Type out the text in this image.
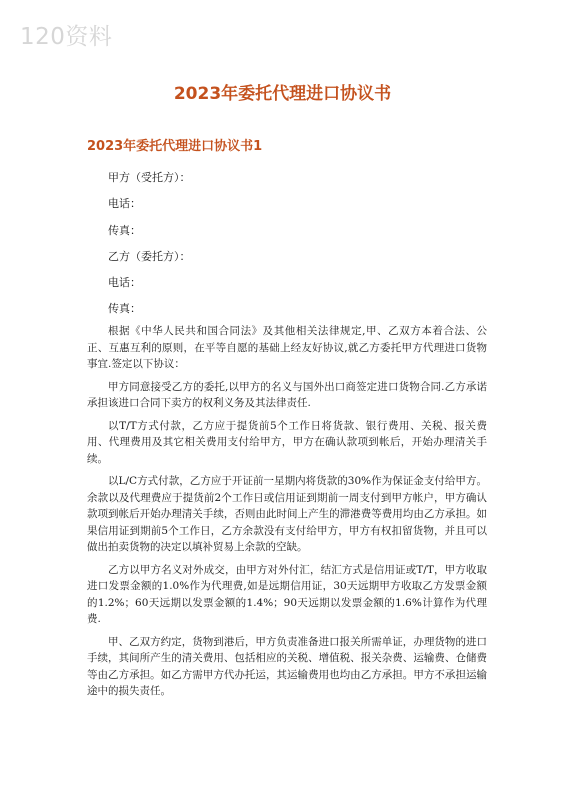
120资料
2023年委托代理进口协议书
2023年委托代理进口协议书1

甲方（受托方）：

电话：

传真：

乙方（委托方）：

电话：

传真：

根据《中华人民共和国合同法》及其他相关法律规定,甲、乙双方本着合法、公正、互惠互利的原则，在平等自愿的基础上经友好协议,就乙方委托甲方代理进口货物事宜.签定以下协议：

甲方同意接受乙方的委托,以甲方的名义与国外出口商签定进口货物合同.乙方承诺承担该进口合同下卖方的权利义务及其法律责任.

以T/T方式付款，乙方应于提货前5个工作日将货款、银行费用、关税、报关费用、代理费用及其它相关费用支付给甲方，甲方在确认款项到帐后，开始办理清关手续。

以L/C方式付款，乙方应于开证前一星期内将货款的30%作为保证金支付给甲方。余款以及代理费应于提货前2个工作日或信用证到期前一周支付到甲方帐户，甲方确认款项到帐后开始办理清关手续，否则由此时间上产生的滞港费等费用均由乙方承担。如果信用证到期前5个工作日，乙方余款没有支付给甲方，甲方有权扣留货物，并且可以做出拍卖货物的决定以填补贸易上余款的空缺。

乙方以甲方名义对外成交，由甲方对外付汇，结汇方式是信用证或T/T，甲方收取进口发票金额的1.0%作为代理费,如是远期信用证，30天远期甲方收取乙方发票金额的1.2%；60天远期以发票金额的1.4%；90天远期以发票金额的1.6%计算作为代理费.

甲、乙双方约定，货物到港后，甲方负责准备进口报关所需单证，办理货物的进口手续，其间所产生的清关费用、包括相应的关税、增值税、报关杂费、运输费、仓储费等由乙方承担。如乙方需甲方代办托运，其运输费用也均由乙方承担。甲方不承担运输途中的损失责任。
